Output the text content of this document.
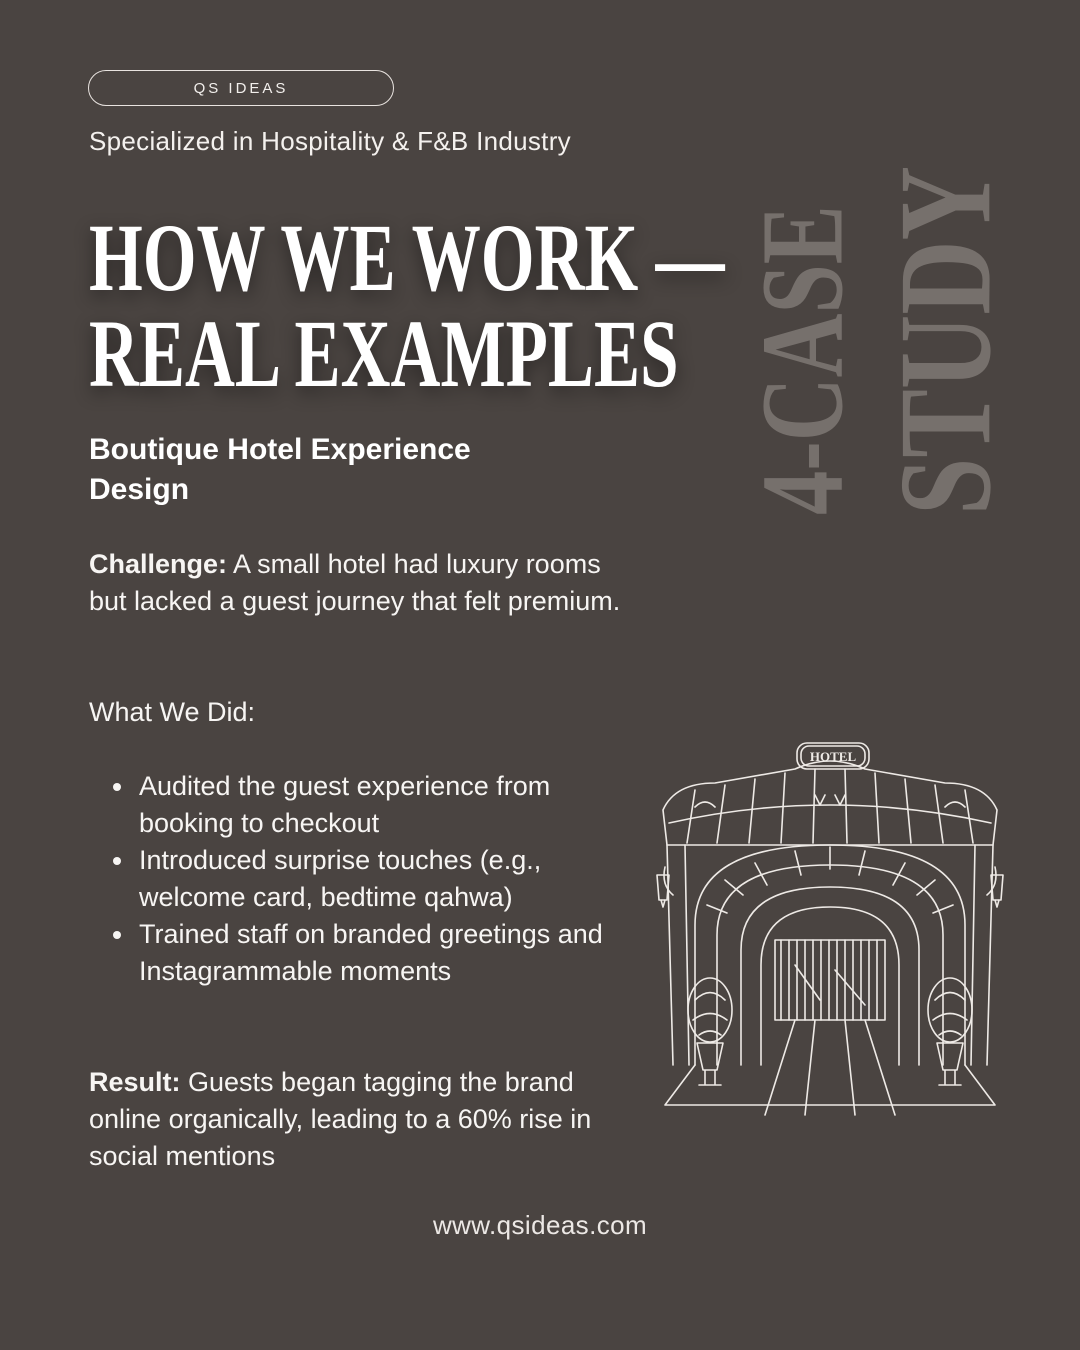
QS IDEAS
Specialized in Hospitality & F&B Industry
HOW WE WORK —
REAL EXAMPLES 4-CASE STUDY
Boutique Hotel Experience Design
Challenge: A small hotel had luxury rooms but lacked a guest journey that felt premium.
What We Did:
Audited the guest experience from booking to checkout
Introduced surprise touches (e.g., welcome card, bedtime qahwa)
Trained staff on branded greetings and Instagrammable moments
Result: Guests began tagging the brand online organically, leading to a 60% rise in social mentions
HOTEL
www.qsideas.com
